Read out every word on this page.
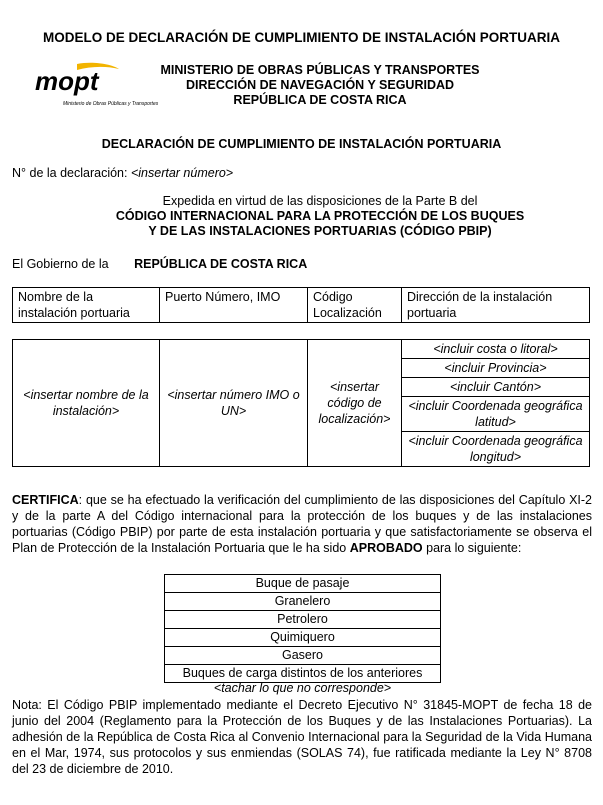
MODELO DE DECLARACIÓN DE CUMPLIMIENTO DE INSTALACIÓN PORTUARIA
mopt
Ministerio de Obras Públicas y Transportes
MINISTERIO DE OBRAS PÚBLICAS Y TRANSPORTES
DIRECCIÓN DE NAVEGACIÓN Y SEGURIDAD
REPÚBLICA DE COSTA RICA
DECLARACIÓN DE CUMPLIMIENTO DE INSTALACIÓN PORTUARIA
N° de la declaración: <insertar número>
Expedida en virtud de las disposiciones de la Parte B del
CÓDIGO INTERNACIONAL PARA LA PROTECCIÓN DE LOS BUQUES
Y DE LAS INSTALACIONES PORTUARIAS (CÓDIGO PBIP)
El Gobierno de la REPÚBLICA DE COSTA RICA
Nombre de la instalación portuaria	Puerto Número, IMO	Código Localización	Dirección de la instalación portuaria
<insertar nombre de la instalación>	<insertar número IMO o UN>	<insertar código de localización>	<incluir costa o litoral>
<incluir Provincia>
<incluir Cantón>
<incluir Coordenada geográfica latitud>
<incluir Coordenada geográfica longitud>
CERTIFICA: que se ha efectuado la verificación del cumplimiento de las disposiciones del Capítulo XI-2 y de la parte A del Código internacional para la protección de los buques y de las instalaciones portuarias (Código PBIP) por parte de esta instalación portuaria y que satisfactoriamente se observa el Plan de Protección de la Instalación Portuaria que le ha sido APROBADO para lo siguiente:
Buque de pasaje
Granelero
Petrolero
Quimiquero
Gasero
Buques de carga distintos de los anteriores
<tachar lo que no corresponde>
Nota: El Código PBIP implementado mediante el Decreto Ejecutivo N° 31845-MOPT de fecha 18 de junio del 2004 (Reglamento para la Protección de los Buques y de las Instalaciones Portuarias). La adhesión de la República de Costa Rica al Convenio Internacional para la Seguridad de la Vida Humana en el Mar, 1974, sus protocolos y sus enmiendas (SOLAS 74), fue ratificada mediante la Ley N° 8708 del 23 de diciembre de 2010.
